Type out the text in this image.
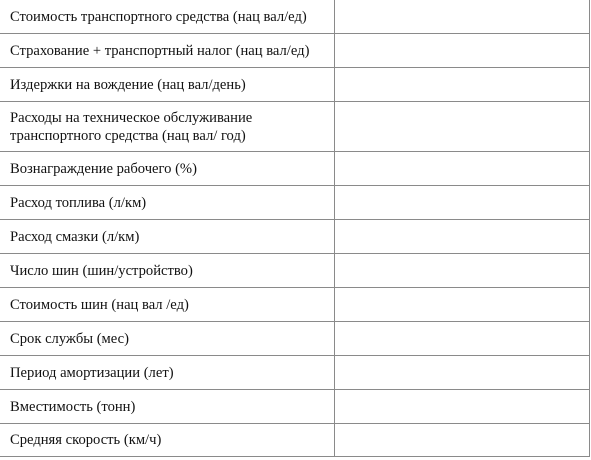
Стоимость транспортного средства (нац вал/ед)	
Страхование + транспортный налог (нац вал/ед)	
Издержки на вождение (нац вал/день)	
Расходы на техническое обслуживание транспортного средства (нац вал/ год)	
Вознаграждение рабочего (%)	
Расход топлива (л/км)	
Расход смазки (л/км)	
Число шин (шин/устройство)	
Стоимость шин (нац вал /ед)	
Срок службы (мес)	
Период амортизации (лет)	
Вместимость (тонн)	
Средняя скорость (км/ч)	
